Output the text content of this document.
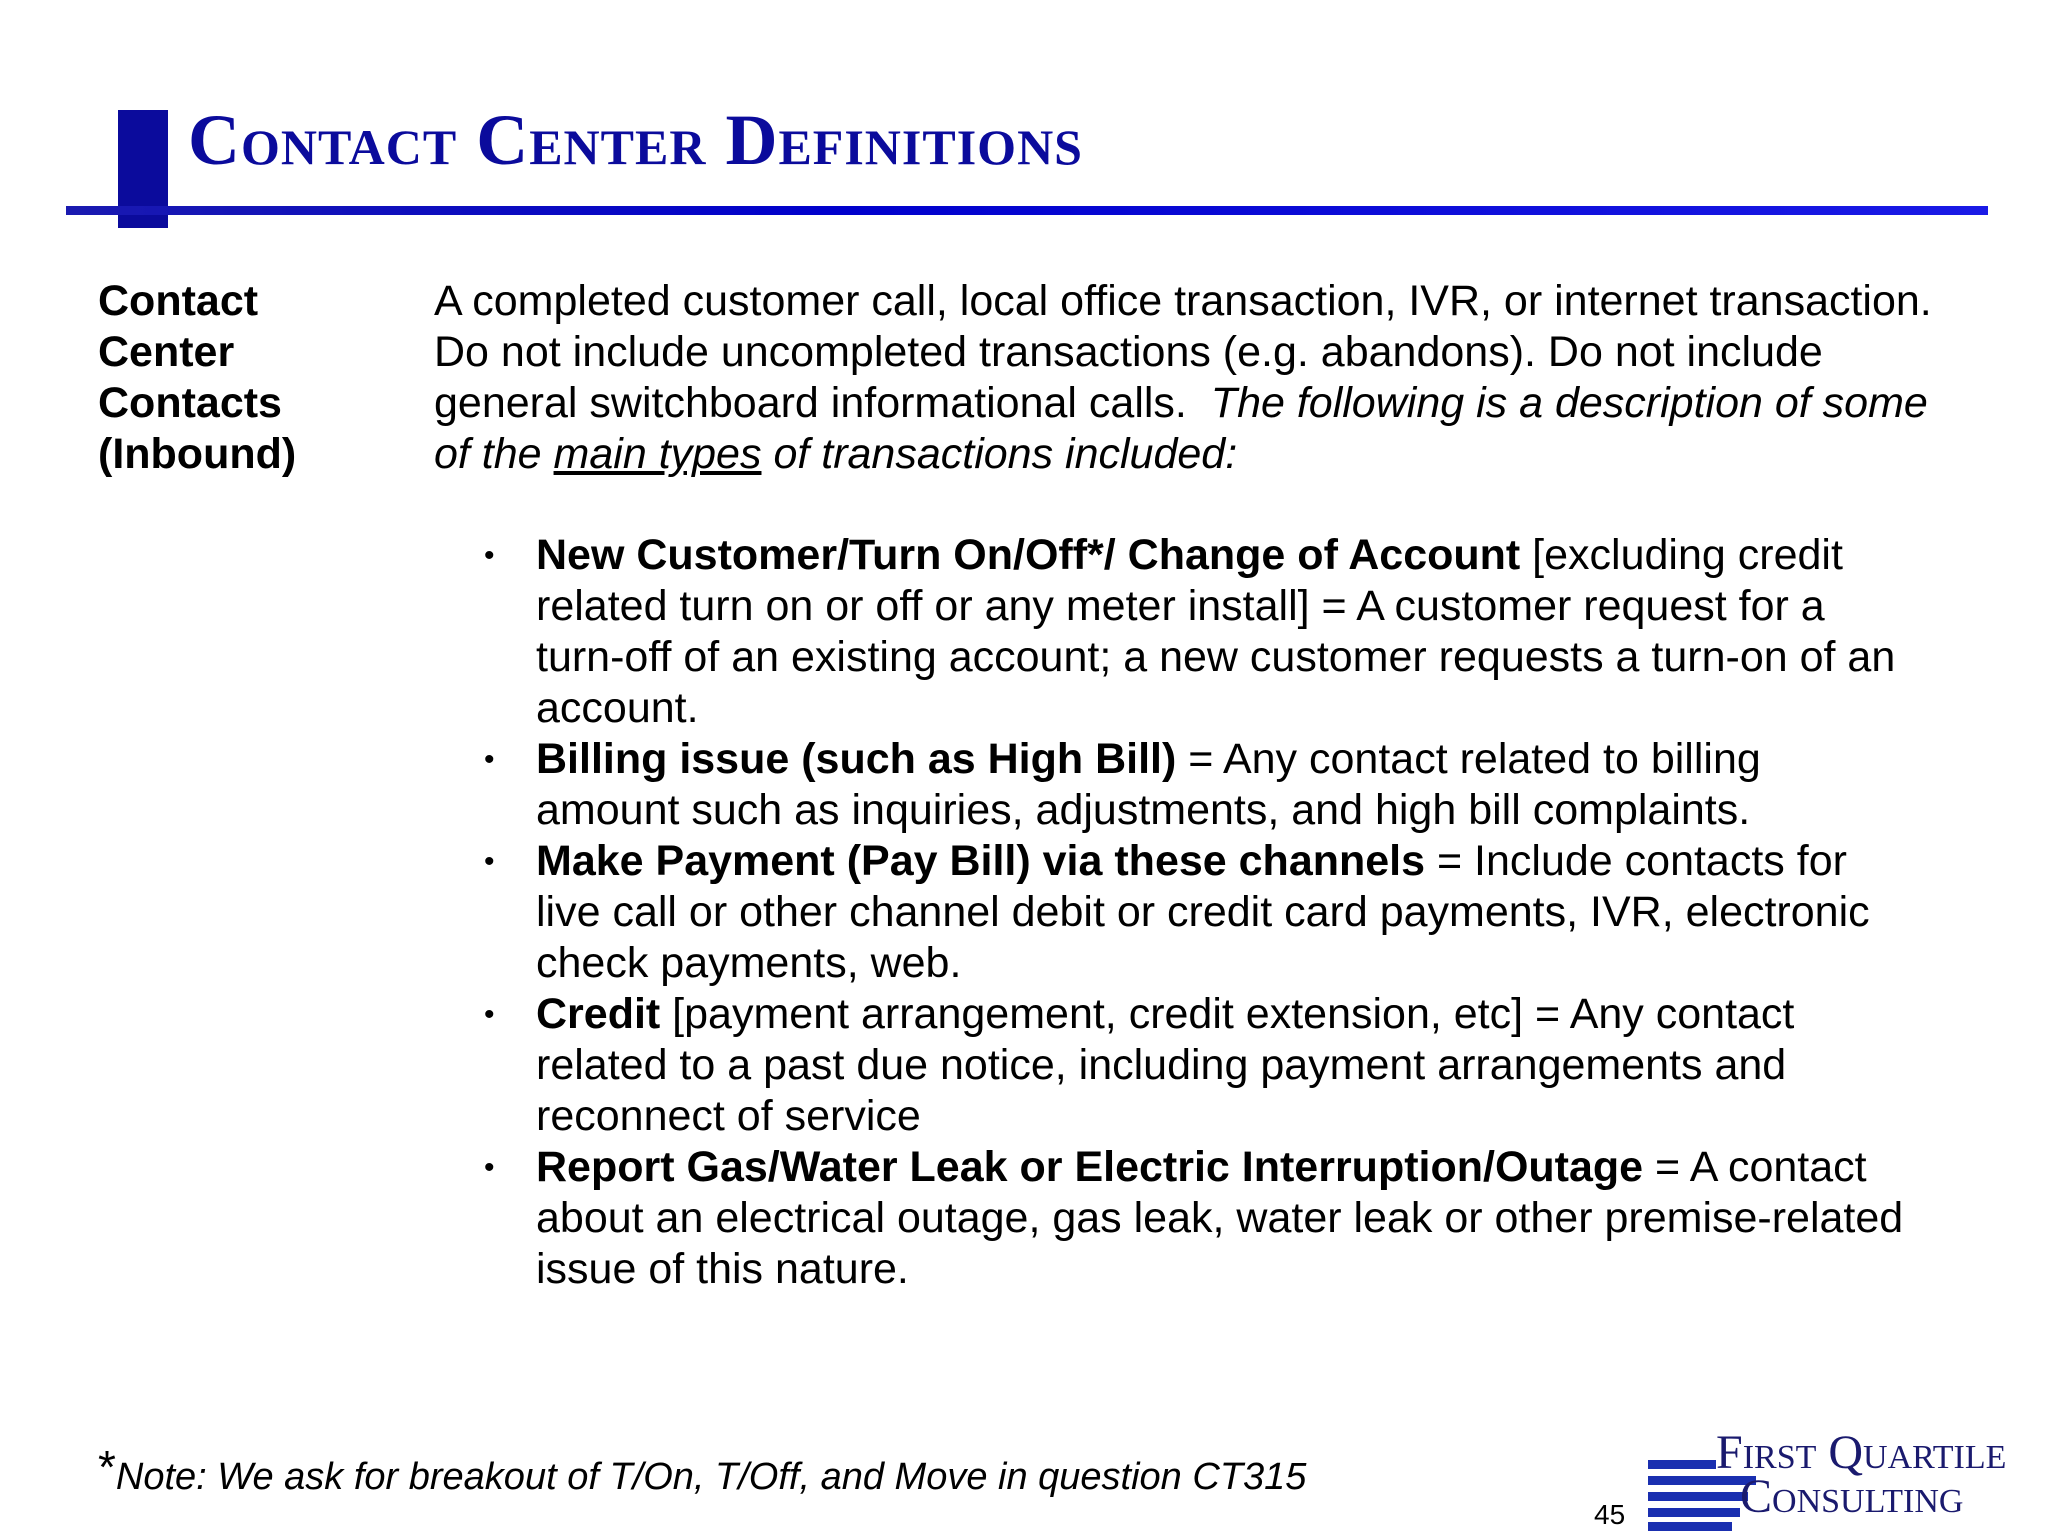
Contact Center Definitions
Contact
Center
Contacts
(Inbound)
A completed customer call, local office transaction, IVR, or internet transaction. Do not include uncompleted transactions (e.g. abandons). Do not include general switchboard informational calls. The following is a description of some of the main types of transactions included:
• New Customer/Turn On/Off*/ Change of Account [excluding credit related turn on or off or any meter install] = A customer request for a turn-off of an existing account; a new customer requests a turn-on of an account.
• Billing issue (such as High Bill) = Any contact related to billing amount such as inquiries, adjustments, and high bill complaints.
• Make Payment (Pay Bill) via these channels = Include contacts for live call or other channel debit or credit card payments, IVR, electronic check payments, web.
• Credit [payment arrangement, credit extension, etc] = Any contact related to a past due notice, including payment arrangements and reconnect of service
• Report Gas/Water Leak or Electric Interruption/Outage = A contact about an electrical outage, gas leak, water leak or other premise-related issue of this nature.
*Note: We ask for breakout of T/On, T/Off, and Move in question CT315
45
First Quartile
Consulting
